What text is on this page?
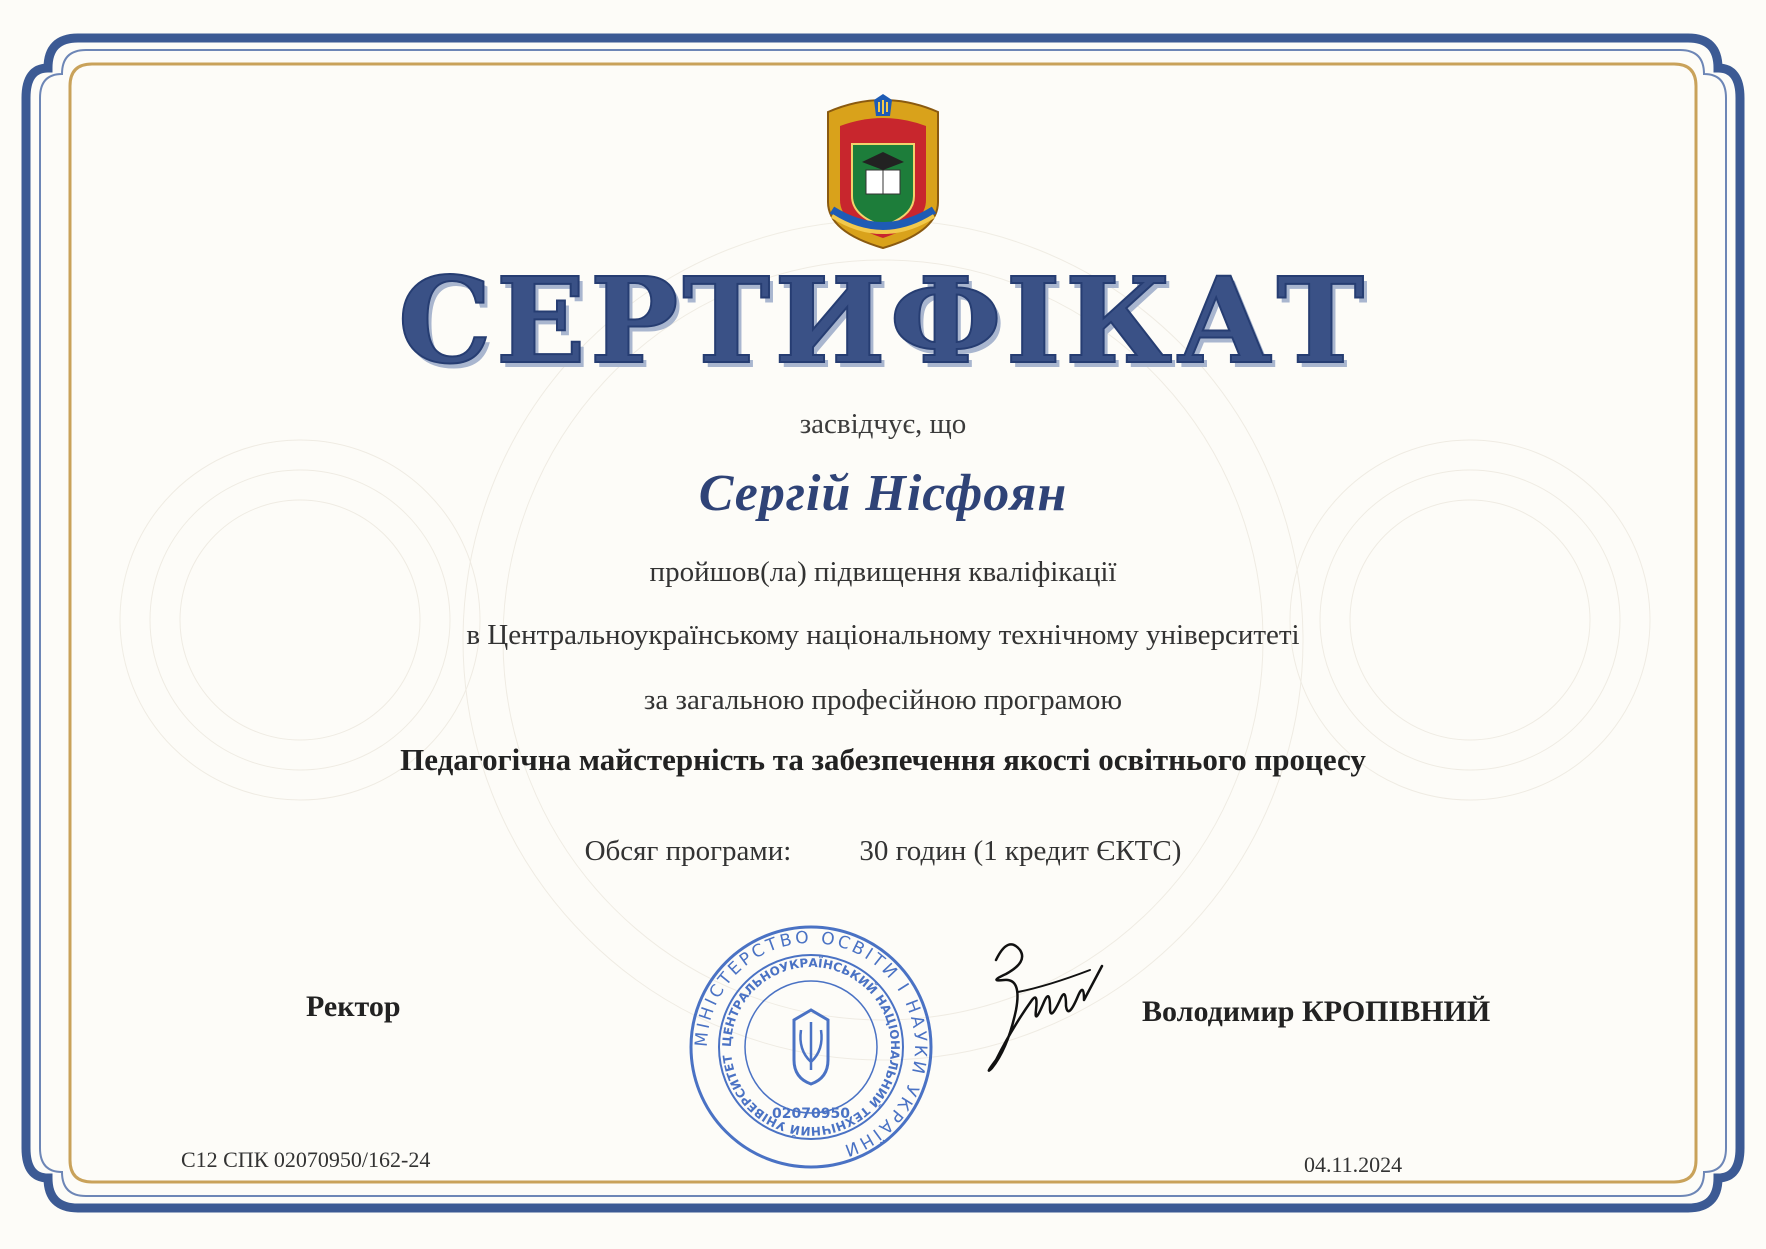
СЕРТИФІКАТ
засвідчує, що
Сергій Нісфоян
пройшов(ла) підвищення кваліфікації
в Центральноукраїнському національному технічному університеті
за загальною професійною програмою
Педагогічна майстерність та забезпечення якості освітнього процесу
Обсяг програми: 30 годин (1 кредит ЄКТС)
Ректор
МІНІСТЕРСТВО ОСВІТИ І НАУКИ УКРАЇНИ
ЦЕНТРАЛЬНОУКРАЇНСЬКИЙ НАЦІОНАЛЬНИЙ ТЕХНІЧНИЙ УНІВЕРСИТЕТ
02070950
Володимир КРОПІВНИЙ
С12 СПК 02070950/162-24	04.11.2024
